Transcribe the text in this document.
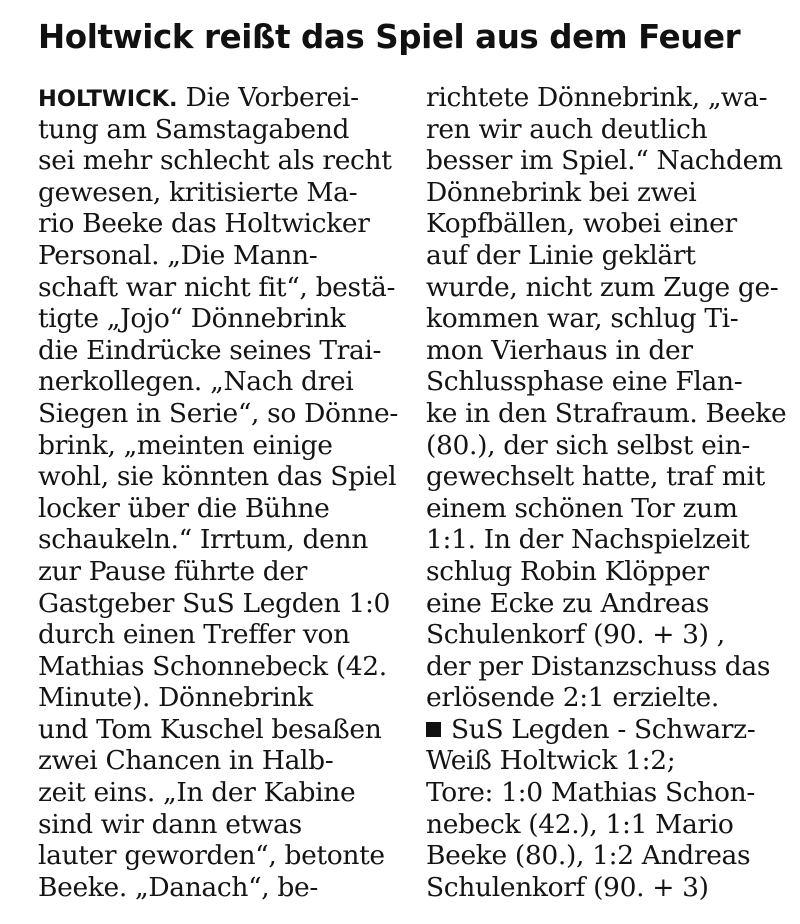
Holtwick reißt das Spiel aus dem Feuer
HOLTWICK. Die Vorberei-
tung am Samstagabend
sei mehr schlecht als recht
gewesen, kritisierte Ma-
rio Beeke das Holtwicker
Personal. „Die Mann-
schaft war nicht fit“, bestä-
tigte „Jojo“ Dönnebrink
die Eindrücke seines Trai-
nerkollegen. „Nach drei
Siegen in Serie“, so Dönne-
brink, „meinten einige
wohl, sie könnten das Spiel
locker über die Bühne
schaukeln.“ Irrtum, denn
zur Pause führte der
Gastgeber SuS Legden 1:0
durch einen Treffer von
Mathias Schonnebeck (42.
Minute). Dönnebrink
und Tom Kuschel besaßen
zwei Chancen in Halb-
zeit eins. „In der Kabine
sind wir dann etwas
lauter geworden“, betonte
Beeke. „Danach“, be-
richtete Dönnebrink, „wa-
ren wir auch deutlich
besser im Spiel.“ Nachdem
Dönnebrink bei zwei
Kopfbällen, wobei einer
auf der Linie geklärt
wurde, nicht zum Zuge ge-
kommen war, schlug Ti-
mon Vierhaus in der
Schlussphase eine Flan-
ke in den Strafraum. Beeke
(80.), der sich selbst ein-
gewechselt hatte, traf mit
einem schönen Tor zum
1:1. In der Nachspielzeit
schlug Robin Klöpper
eine Ecke zu Andreas
Schulenkorf (90. + 3) ,
der per Distanzschuss das
erlösende 2:1 erzielte.
SuS Legden - Schwarz-
Weiß Holtwick 1:2;
Tore: 1:0 Mathias Schon-
nebeck (42.), 1:1 Mario
Beeke (80.), 1:2 Andreas
Schulenkorf (90. + 3)
